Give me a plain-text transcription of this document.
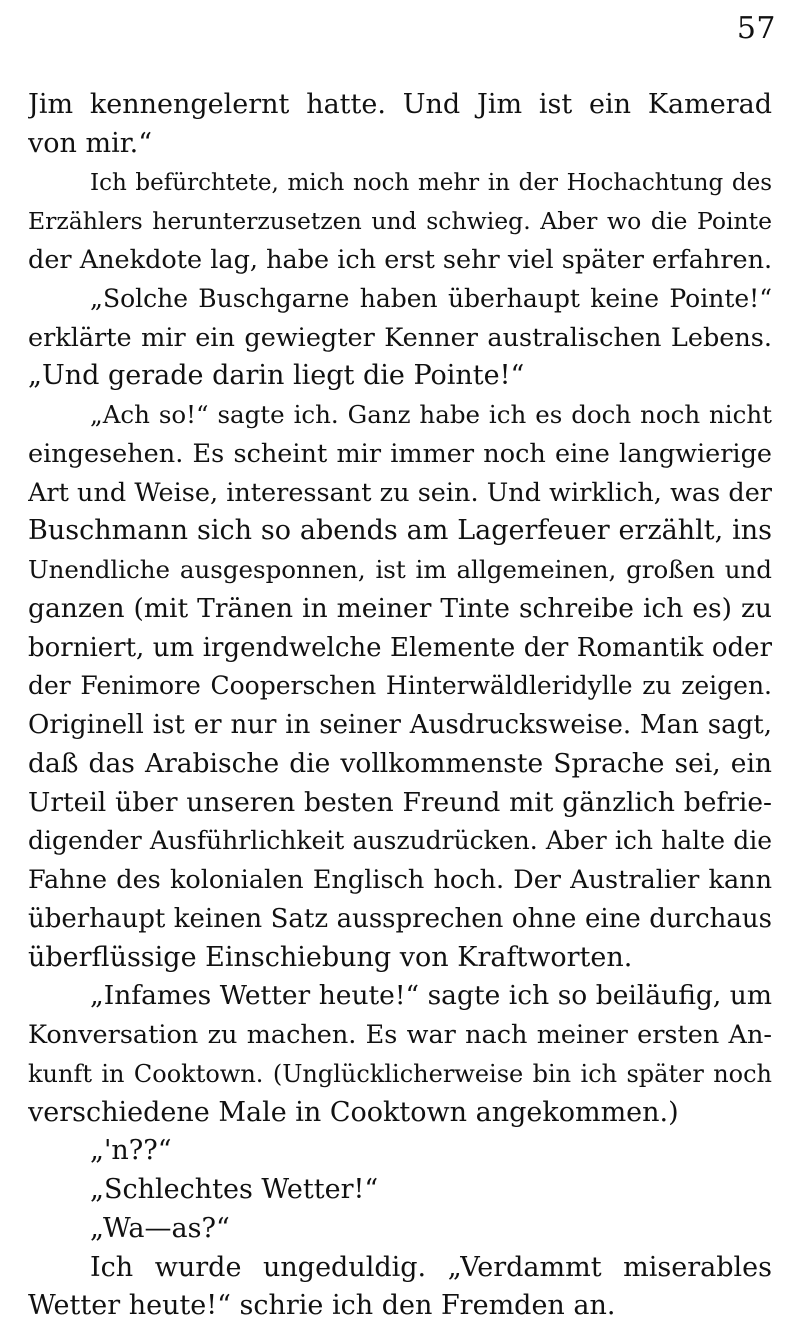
57
Jim kennengelernt hatte. Und Jim ist ein Kamerad
von mir.“
Ich befürchtete, mich noch mehr in der Hochachtung des
Erzählers herunterzusetzen und schwieg. Aber wo die Pointe
der Anekdote lag, habe ich erst sehr viel später erfahren.
„Solche Buschgarne haben überhaupt keine Pointe!“
erklärte mir ein gewiegter Kenner australischen Lebens.
„Und gerade darin liegt die Pointe!“
„Ach so!“ sagte ich. Ganz habe ich es doch noch nicht
eingesehen. Es scheint mir immer noch eine langwierige
Art und Weise, interessant zu sein. Und wirklich, was der
Buschmann sich so abends am Lagerfeuer erzählt, ins
Unendliche ausgesponnen, ist im allgemeinen, großen und
ganzen (mit Tränen in meiner Tinte schreibe ich es) zu
borniert, um irgendwelche Elemente der Romantik oder
der Fenimore Cooperschen Hinterwäldleridylle zu zeigen.
Originell ist er nur in seiner Ausdrucksweise. Man sagt,
daß das Arabische die vollkommenste Sprache sei, ein
Urteil über unseren besten Freund mit gänzlich befrie-
digender Ausführlichkeit auszudrücken. Aber ich halte die
Fahne des kolonialen Englisch hoch. Der Australier kann
überhaupt keinen Satz aussprechen ohne eine durchaus
überflüssige Einschiebung von Kraftworten.
„Infames Wetter heute!“ sagte ich so beiläufig, um
Konversation zu machen. Es war nach meiner ersten An-
kunft in Cooktown. (Unglücklicherweise bin ich später noch
verschiedene Male in Cooktown angekommen.)
„'n??“
„Schlechtes Wetter!“
„Wa—as?“
Ich wurde ungeduldig. „Verdammt miserables
Wetter heute!“ schrie ich den Fremden an.
